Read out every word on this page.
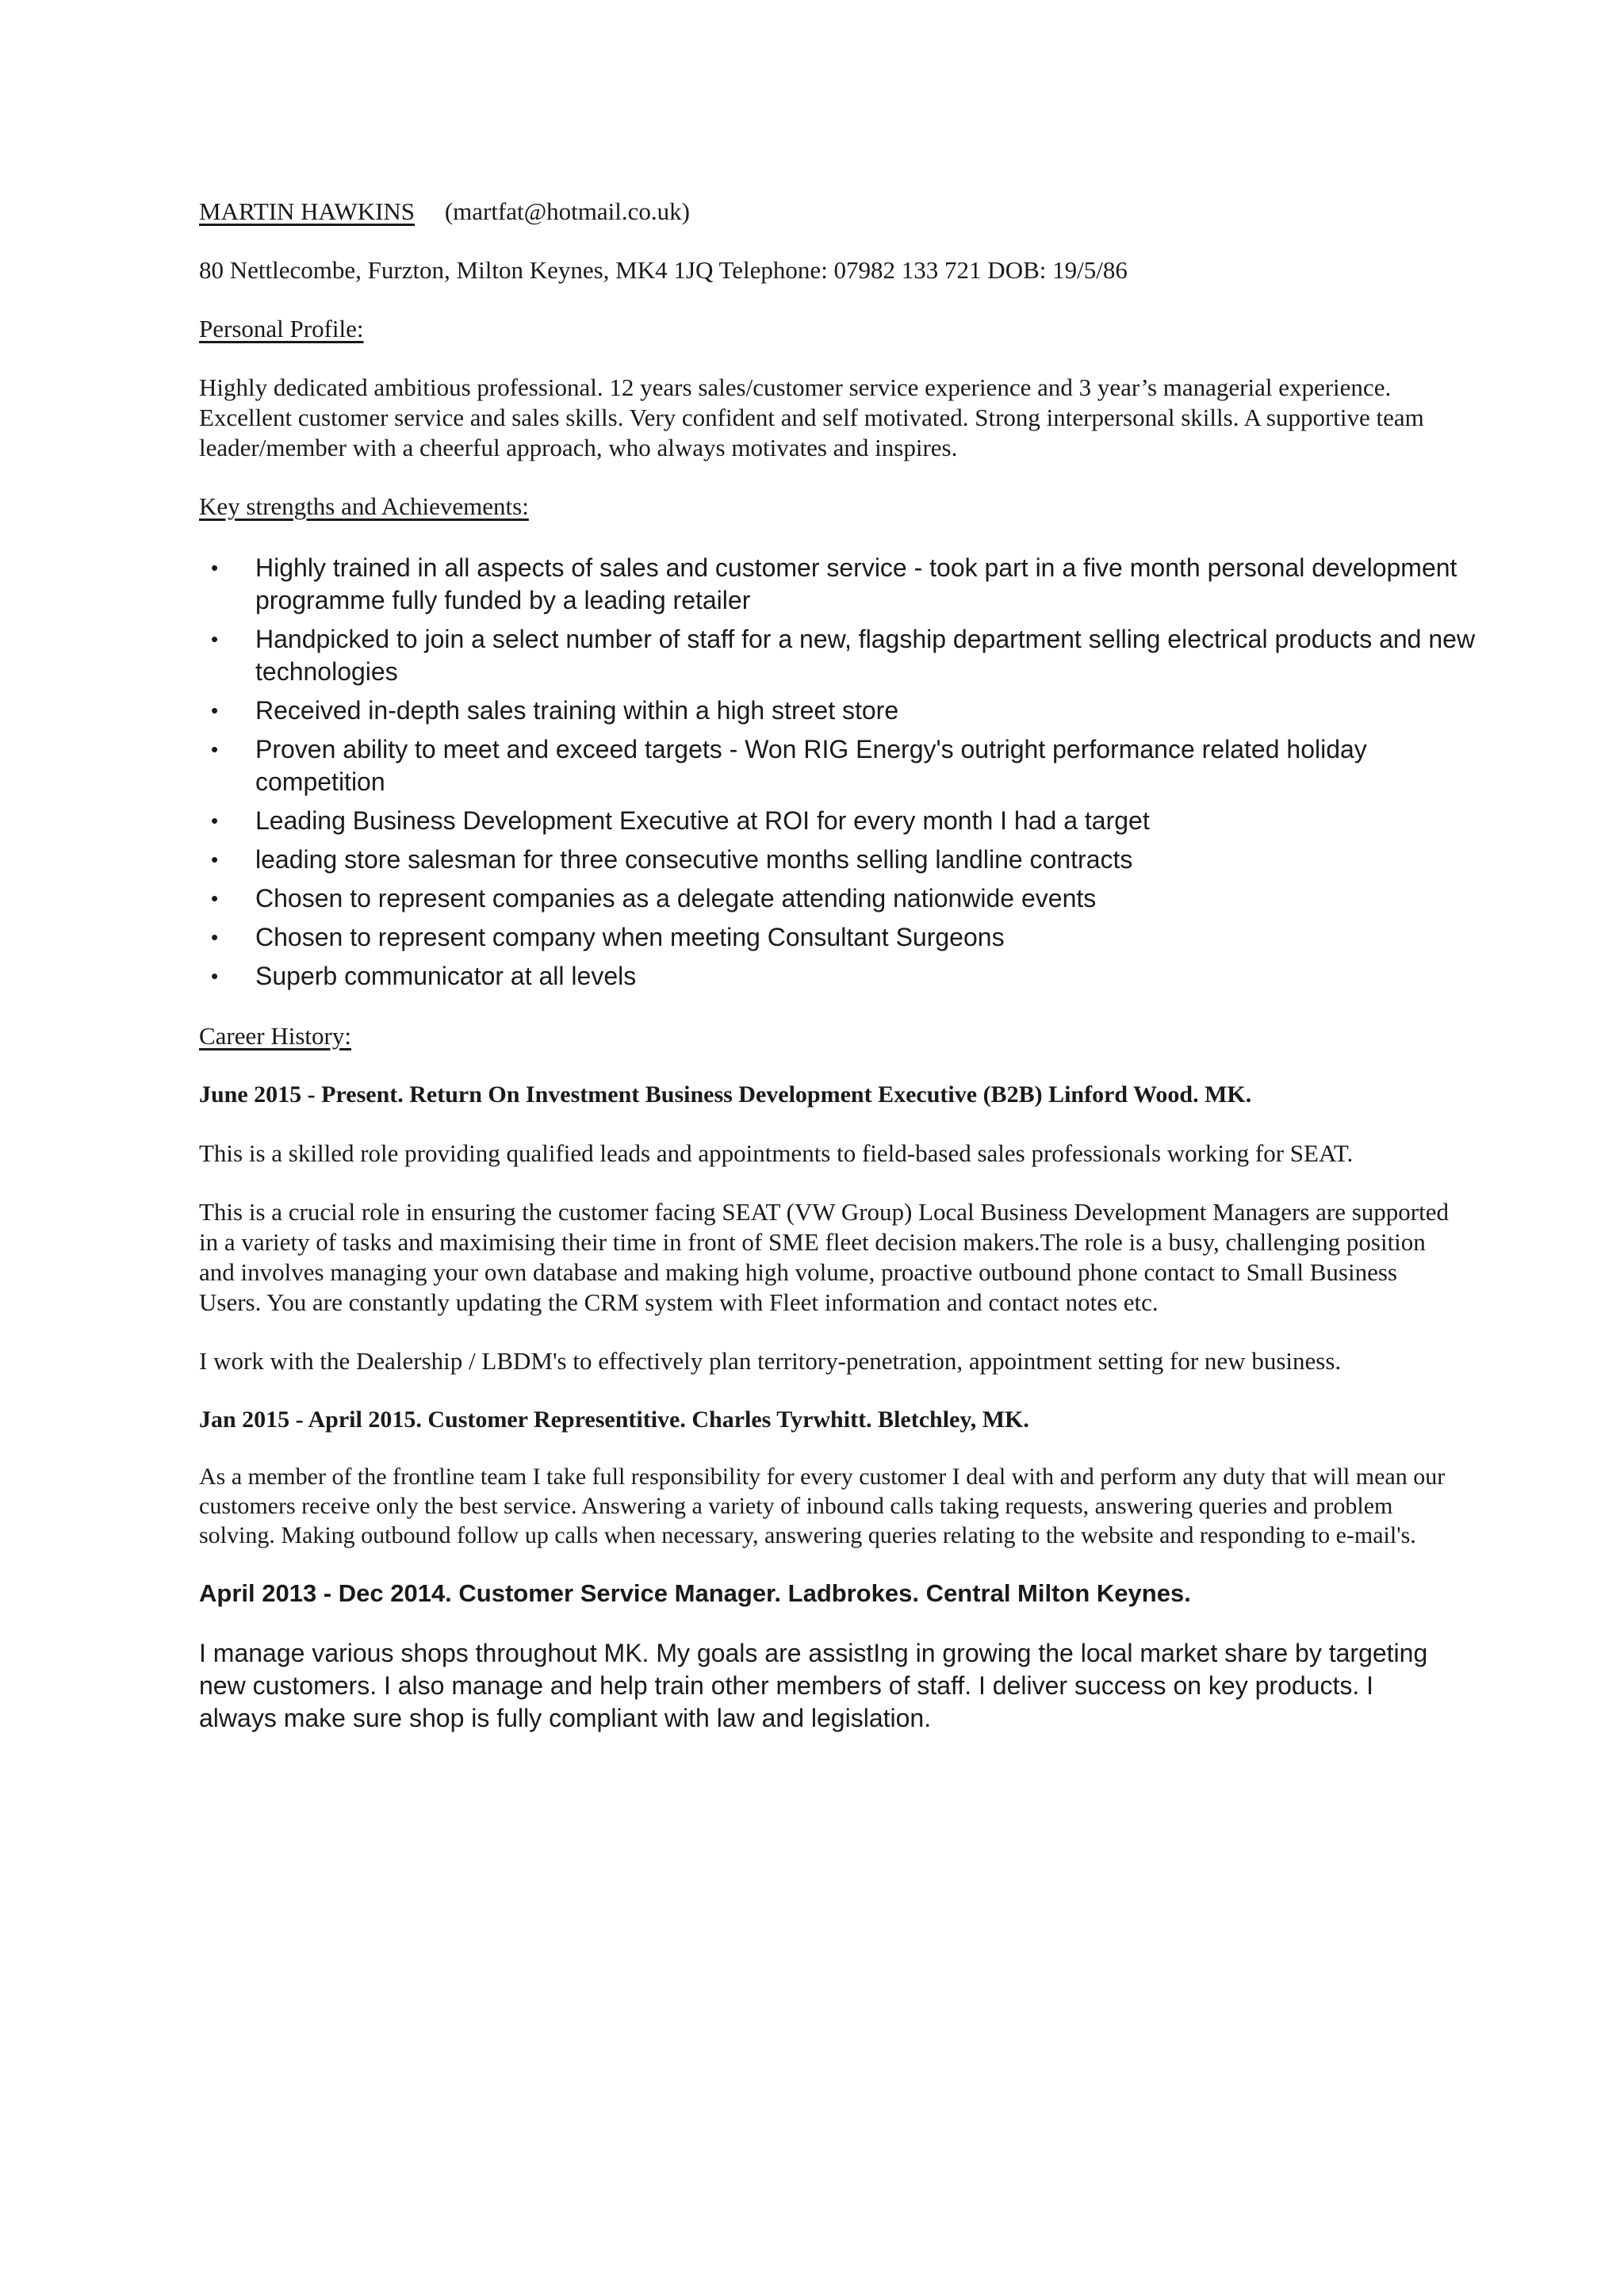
MARTIN HAWKINS (martfat@hotmail.co.uk)

80 Nettlecombe, Furzton, Milton Keynes, MK4 1JQ Telephone: 07982 133 721 DOB: 19/5/86

Personal Profile:

Highly dedicated ambitious professional. 12 years sales/customer service experience and 3 year’s managerial experience. Excellent customer service and sales skills. Very confident and self motivated. Strong interpersonal skills. A supportive team leader/member with a cheerful approach, who always motivates and inspires.

Key strengths and Achievements:

• Highly trained in all aspects of sales and customer service - took part in a five month personal development programme fully funded by a leading retailer
• Handpicked to join a select number of staff for a new, flagship department selling electrical products and new technologies
• Received in-depth sales training within a high street store
• Proven ability to meet and exceed targets - Won RIG Energy's outright performance related holiday competition
• Leading Business Development Executive at ROI for every month I had a target
• leading store salesman for three consecutive months selling landline contracts
• Chosen to represent companies as a delegate attending nationwide events
• Chosen to represent company when meeting Consultant Surgeons
• Superb communicator at all levels

Career History:

June 2015 - Present. Return On Investment Business Development Executive (B2B) Linford Wood. MK.

This is a skilled role providing qualified leads and appointments to field-based sales professionals working for SEAT.

This is a crucial role in ensuring the customer facing SEAT (VW Group) Local Business Development Managers are supported in a variety of tasks and maximising their time in front of SME fleet decision makers.The role is a busy, challenging position and involves managing your own database and making high volume, proactive outbound phone contact to Small Business Users. You are constantly updating the CRM system with Fleet information and contact notes etc.

I work with the Dealership / LBDM's to effectively plan territory-penetration, appointment setting for new business.

Jan 2015 - April 2015. Customer Representitive. Charles Tyrwhitt. Bletchley, MK.

As a member of the frontline team I take full responsibility for every customer I deal with and perform any duty that will mean our customers receive only the best service. Answering a variety of inbound calls taking requests, answering queries and problem solving. Making outbound follow up calls when necessary, answering queries relating to the website and responding to e-mail's.

April 2013 - Dec 2014. Customer Service Manager. Ladbrokes. Central Milton Keynes.

I manage various shops throughout MK. My goals are assistIng in growing the local market share by targeting new customers. I also manage and help train other members of staff. I deliver success on key products. I always make sure shop is fully compliant with law and legislation.
